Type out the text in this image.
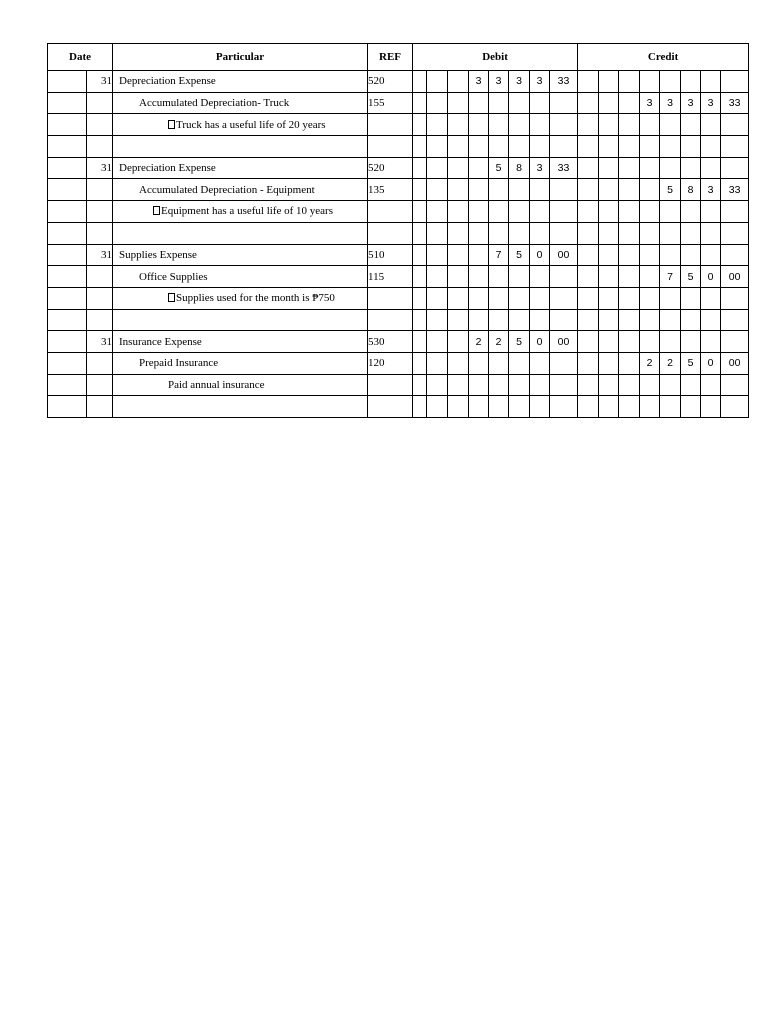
Date		Particular	REF	Debit								Credit							
	31	Depreciation Expense	520				3	3	3	3	33								
		Accumulated Depreciation- Truck	155												3	3	3	3	33
		Truck has a useful life of 20 years																	

	31	Depreciation Expense	520					5	8	3	33								
		Accumulated Depreciation - Equipment	135													5	8	3	33
		Equipment has a useful life of 10 years																	

	31	Supplies Expense	510					7	5	0	00								
		Office Supplies	115													7	5	0	00
		Supplies used for the month is ₱750																	

	31	Insurance Expense	530				2	2	5	0	00								
		Prepaid Insurance	120												2	2	5	0	00
		Paid annual insurance																	
